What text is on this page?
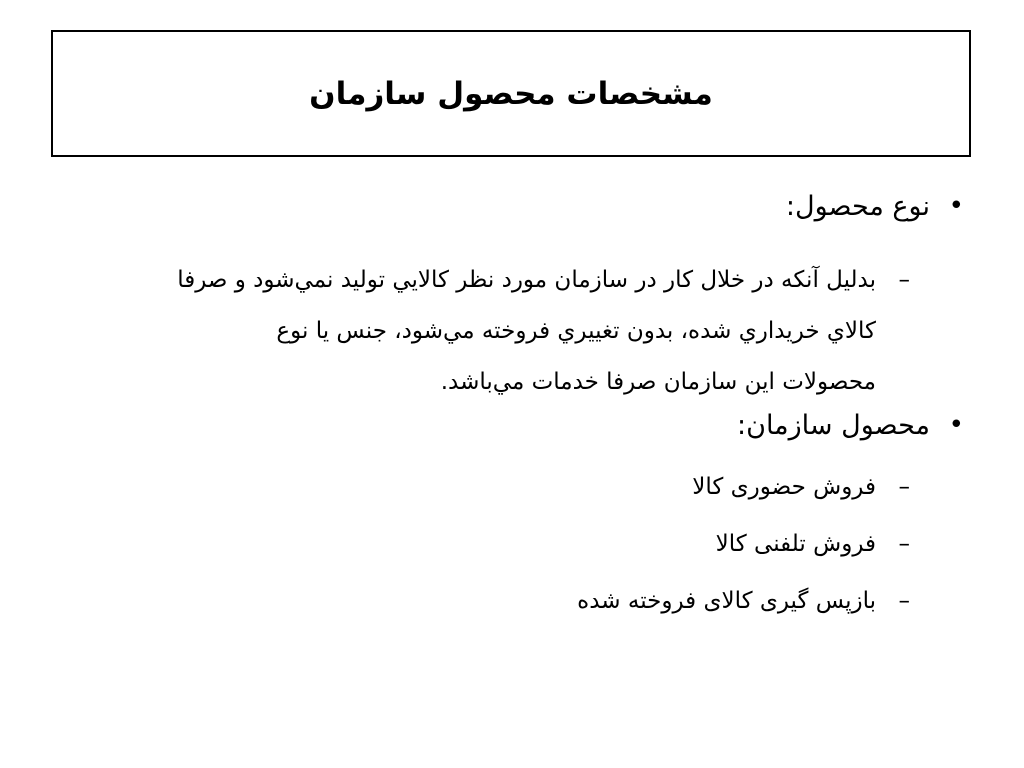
مشخصات محصول سازمان
•
نوع محصول:
–
بدليل آنكه در خلال كار در سازمان مورد نظر كالايي توليد نمي‌شود و صرفا
كالاي خريداري شده، بدون تغييري فروخته مي‌شود، جنس يا نوع
محصولات اين سازمان صرفا خدمات مي‌باشد.
•
محصول سازمان:
–
فروش حضوری کالا
–
فروش تلفنی کالا
–
بازپس گیری کالای فروخته شده
